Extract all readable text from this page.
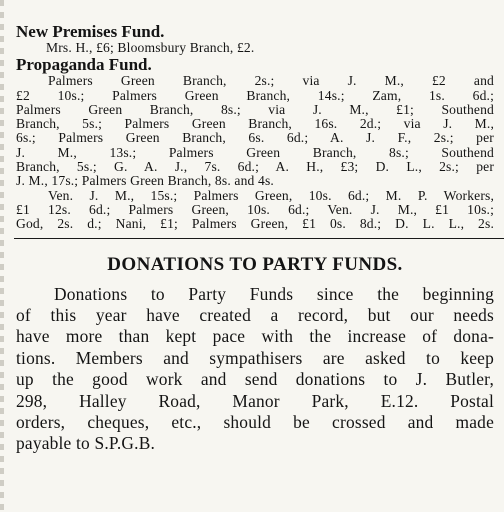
New Premises Fund.
Mrs. H., £6; Bloomsbury Branch, £2.
Propaganda Fund.
Palmers Green Branch, 2s.; via J. M., £2 and
£2 10s.; Palmers Green Branch, 14s.; Zam, 1s. 6d.;
Palmers Green Branch, 8s.; via J. M., £1; Southend
Branch, 5s.; Palmers Green Branch, 16s. 2d.; via J. M.,
6s.; Palmers Green Branch, 6s. 6d.; A. J. F., 2s.; per
J. M., 13s.; Palmers Green Branch, 8s.; Southend
Branch, 5s.; G. A. J., 7s. 6d.; A. H., £3; D. L., 2s.; per
J. M., 17s.; Palmers Green Branch, 8s. and 4s.
Ven. J. M., 15s.; Palmers Green, 10s. 6d.; M. P. Workers,
£1 12s. 6d.; Palmers Green, 10s. 6d.; Ven. J. M., £1 10s.;
God, 2s. d.; Nani, £1; Palmers Green, £1 0s. 8d.; D. L. L., 2s.
DONATIONS TO PARTY FUNDS.
Donations to Party Funds since the beginning
of this year have created a record, but our needs
have more than kept pace with the increase of dona-
tions. Members and sympathisers are asked to keep
up the good work and send donations to J. Butler,
298, Halley Road, Manor Park, E.12. Postal
orders, cheques, etc., should be crossed and made
payable to S.P.G.B.
